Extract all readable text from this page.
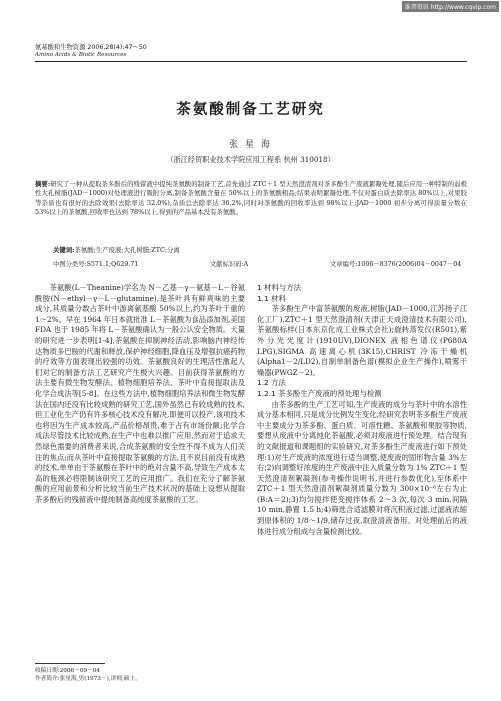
维普资讯 http://www.cqvip.com
氨基酸和生物资源 2006,28(4):47～50
Amino Acids & Biotic Resources
茶氨酸制备工艺研究
张 星 海
（浙江经贸职业技术学院应用工程系 杭州 310018）
摘要:研究了一种从提取茶多酚后的残留液中提纯茶氨酸的制备工艺,首先通过 ZTC＋1 型天然澄清剂对茶多酚生产废液絮凝处理,随后应用一种特制的弱极性大孔树脂(JAD－1000)对处理液进行吸附分离,制备茶氨酸含量在 50%以上的茶氨酸粗品;结果表明絮凝处理,不仅对蛋白质去除率达 80%以上,对果胶等杂质也有很好的去除效果(去除率达 32.0%),杂质总去除率达 36.2%,同时对茶氨酸的回收率达到 98%以上;JAD－1000 初步分离可得质量分数在 53%以上的茶氨酸,回收率也达到 78%以上,得到的产品基本没有茶氨酸。
关键词:茶氨酸;生产废液;大孔树脂;ZTC;分离
中图分类号:S571.1;Q629.71	文献标识码:A	文章编号:1006－8376(2006)04－0047－04

茶氨酸(L－Theanine)学名为 N－乙基－γ－氨基－L－谷氨酰胺(N－ethyl－γ－L－glutamine),是茶叶具有鲜爽味的主要成分,其质量分数占茶叶中游离氨基酸 50%以上,约为茶叶干重的 1～2%。早在 1964 年日本就批准 L－茶氨酸为食品添加剂,美国 FDA 也于 1985 年将 L－茶氨酸确认为一般公认安全物质。大量的研究进一步表明[1-4],茶氨酸在抑制神经活动,影响脑内神经传达物质多巴胺的代谢和释放,保护神经细胞,降血压及增强抗癌药物的疗效等方面表现出较强的功效。茶氨酸良好的生理活性激起人们对它的制备方法工艺研究产生极大兴趣。目前获得茶氨酸的方法主要有微生物发酵法、植物细胞培养法、茶叶中直接提取法及化学合成法等[5-8]。在这些方法中,植物细胞培养法和微生物发酵法在国内还没有比较成熟的研究工艺,国外虽然已有较成熟的技术,但工业化生产仍有许多核心技术没有解决,即便可以投产,该项技术也将因为生产成本较高,产品价格昂贵,难于占有市场份额;化学合成法尽管技术比较成熟,在生产中也难以推广应用,然而对于追求天然绿色需要的消费者来说,合成茶氨酸的安全性不得不成为人们关注的焦点;而从茶叶中直接提取茶氨酸的方法,且不说目前没有成熟的技术,单单由于茶氨酸在茶叶中的绝对含量不高,导致生产成本太高的瓶颈必将限制该研究工艺的应用推广。我们在充分了解茶氨酸的应用前景和分析比较当前生产技术状况的基础上设想从提取茶多酚后的残留液中提纯制备高纯度茶氨酸的工艺。

1 材料与方法

1.1 材料

茶多酚生产中富茶氨酸的废液,树脂(JAD－1000,江苏扬子江化工厂),ZTC＋1 型天然澄清剂(天津正天成澄清技术有限公司),茶氨酸标样(日本东京化成工业株式会社);旋转蒸发仪(R501),紫外分光光度计(1910UV),DIONEX 液相色谱仪(P680A LPG),SIGMA 高速离心机(3K15),CHRIST 冷冻干燥机(Alpha1－2/LD2),自制单制备色谱(模拟企业生产操作),喷雾干燥器(PWGZ－2)。

1.2 方法

1.2.1 茶多酚生产废液的预处理与检测

由茶多酚的生产工艺可知,生产废液的成分与茶叶中的水溶性成分基本相同,只是成分比例发生变化,经研究表明茶多酚生产废液中主要成分为茶多酚、蛋白质、可溶性糖、茶氨酸和果胶等物质,要想从废液中分离纯化茶氨酸,必须对废液进行预处理。结合现有的文献报道和课题组的实验研究,对茶多酚生产废液进行如下预处理:1)对生产废液的浓度进行适当调整,使废液的固形物含量 3%左右;2)向调整好浓度的生产废液中注入质量分数为 1% ZTC＋1 型天然澄清剂絮凝剂(参考操作说明书,并进行参数优化),至体系中 ZTC＋1 型天然澄清剂絮凝剂质量分数为 300×10⁻⁶左右为止(B:A＝2);3)均匀搅拌使变搅拌体系 2～3 次,每次 3 min,间隔 10 min,静置 1.5 h;4)筛选合适滤膜对将沉积液过滤,过滤液浓缩到原体积的 1/8～1/9,储存过夜,取澄清液备用。对处理前后的液体进行成分组成与含量检测比较。

收稿日期:2006－09－04
作者简介:张星海,男(1973－),讲师,硕士。
